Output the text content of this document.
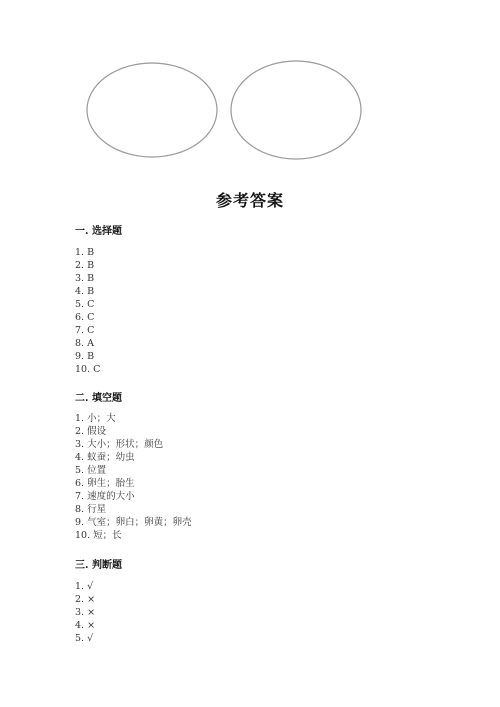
参考答案
一. 选择题
1. B
2. B
3. B
4. B
5. C
6. C
7. C
8. A
9. B
10. C
二. 填空题
1. 小；大
2. 假设
3. 大小；形状；颜色
4. 蚁蚕；幼虫
5. 位置
6. 卵生；胎生
7. 速度的大小
8. 行星
9. 气室；卵白；卵黄；卵壳
10. 短；长
三. 判断题
1. √
2. ×
3. ×
4. ×
5. √
